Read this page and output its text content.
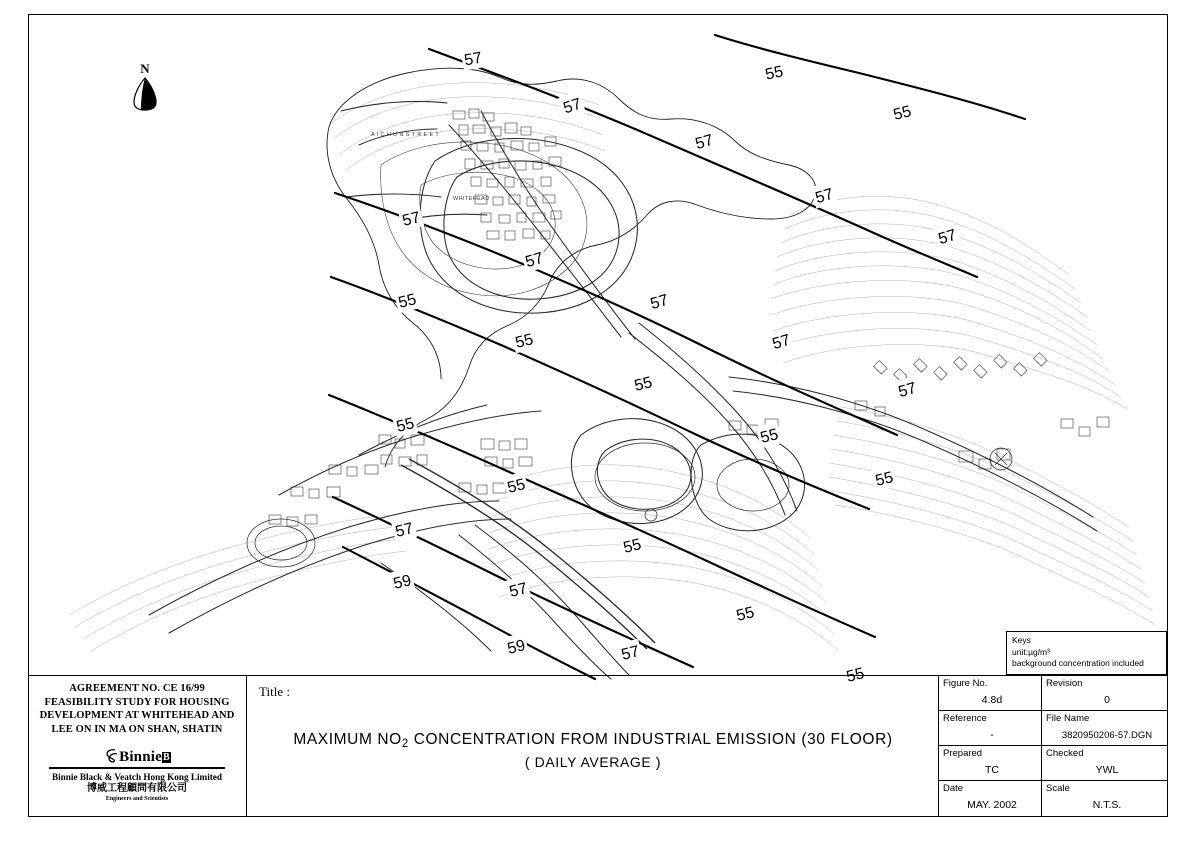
57
55
57	55
57
57
57
57
57
55	57
55	57
55	57
55
55
55	55
57
55
59	57
55
59	57
55
A I C H U N S T R E E T
WHITEHEAD
N
Keys
unit:µg/m³
background concentration included
AGREEMENT NO. CE 16/99
FEASIBILITY STUDY FOR HOUSING
DEVELOPMENT AT WHITEHEAD AND
LEE ON IN MA ON SHAN, SHATIN
BinnieB
Binnie Black & Veatch Hong Kong Limited
博威工程顧問有限公司
Engineers and Scientists
Title :
MAXIMUM NO2 CONCENTRATION FROM INDUSTRIAL EMISSION (30 FLOOR)
( DAILY AVERAGE )
Figure No.
4.8d
Revision
0
Reference
-
File Name
3820950206-57.DGN
Prepared
TC
Checked
YWL
Date
MAY. 2002
Scale
N.T.S.
